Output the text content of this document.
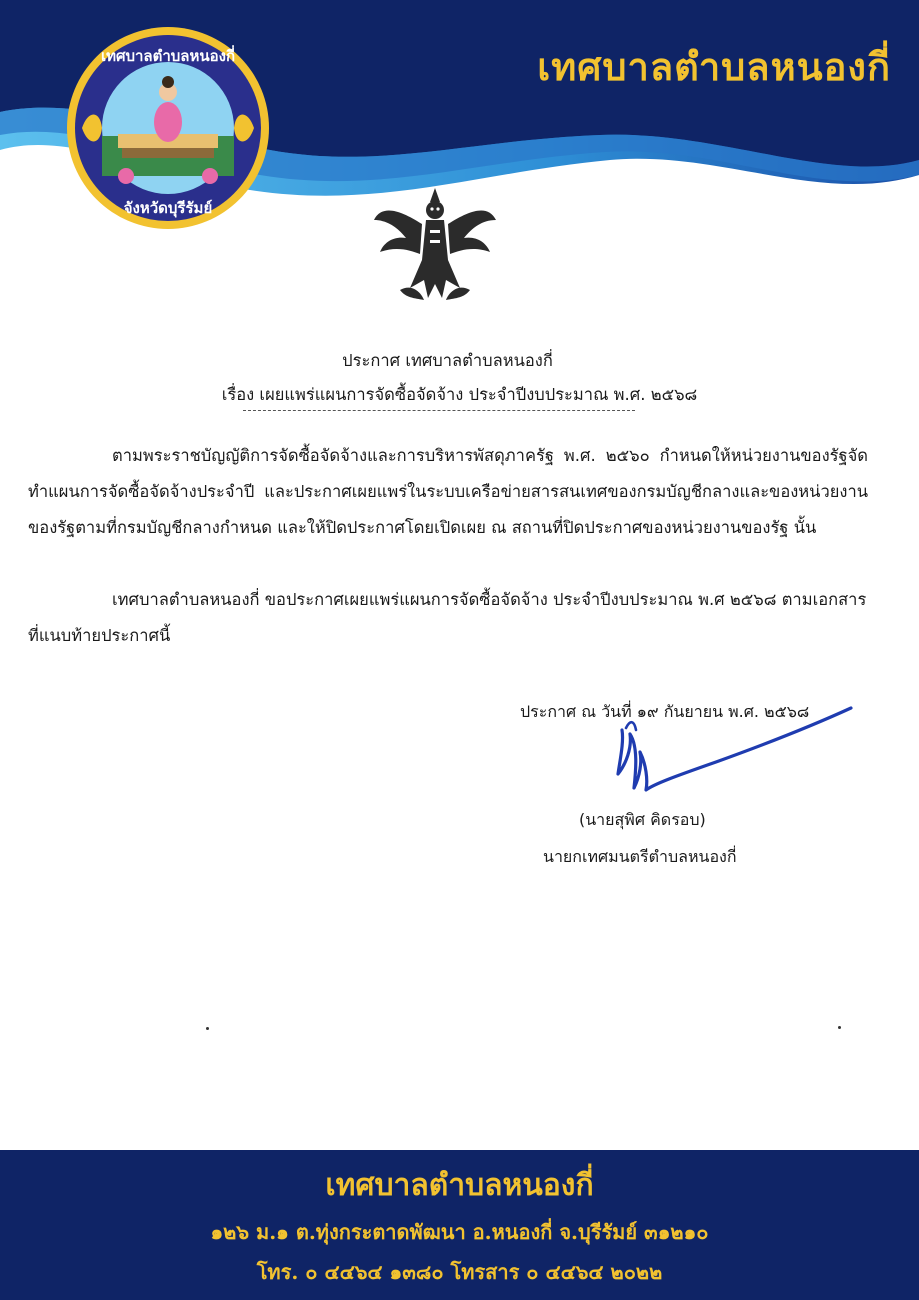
เทศบาลตำบลหนองกี่
เทศบาลตำบลหนองกี่
จังหวัดบุรีรัมย์
ประกาศ เทศบาลตำบลหนองกี่
เรื่อง เผยแพร่แผนการจัดซื้อจัดจ้าง ประจำปีงบประมาณ พ.ศ. ๒๕๖๘
ตามพระราชบัญญัติการจัดซื้อจัดจ้างและการบริหารพัสดุภาครัฐ พ.ศ. ๒๕๖๐ กำหนดให้หน่วยงานของรัฐจัดทำแผนการจัดซื้อจัดจ้างประจำปี และประกาศเผยแพร่ในระบบเครือข่ายสารสนเทศของกรมบัญชีกลางและของหน่วยงานของรัฐตามที่กรมบัญชีกลางกำหนด และให้ปิดประกาศโดยเปิดเผย ณ สถานที่ปิดประกาศของหน่วยงานของรัฐ นั้น
เทศบาลตำบลหนองกี่ ขอประกาศเผยแพร่แผนการจัดซื้อจัดจ้าง ประจำปีงบประมาณ พ.ศ ๒๕๖๘ ตามเอกสารที่แนบท้ายประกาศนี้
ประกาศ ณ วันที่ ๑๙ กันยายน พ.ศ. ๒๕๖๘
(นายสุพิศ คิดรอบ)
นายกเทศมนตรีตำบลหนองกี่
เทศบาลตำบลหนองกี่
๑๒๖ ม.๑ ต.ทุ่งกระตาดพัฒนา อ.หนองกี่ จ.บุรีรัมย์ ๓๑๒๑๐
โทร. ๐ ๔๔๖๔ ๑๓๘๐ โทรสาร ๐ ๔๔๖๔ ๒๐๒๒
